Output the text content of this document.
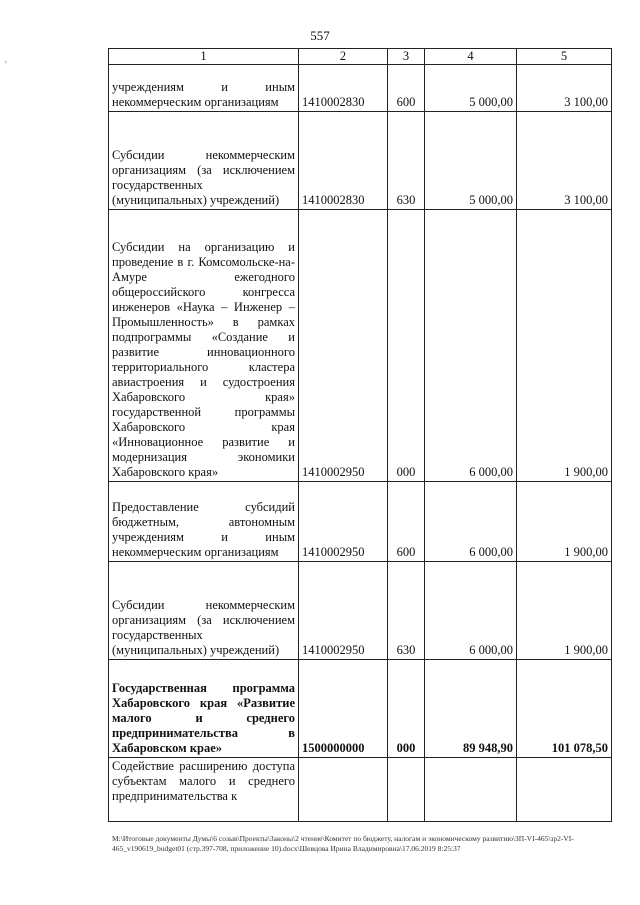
557
'
1	2	3	4	5
учреждениям и иным некоммерческим организациям	1410002830	600	5 000,00	3 100,00
Субсидии некоммерческим организациям (за исключением государственных (муниципальных) учреждений)	1410002830	630	5 000,00	3 100,00
Субсидии на организацию и проведение в г. Комсомольске-на-Амуре ежегодного общероссийского конгресса инженеров «Наука – Инженер – Промышленность» в рамках подпрограммы «Создание и развитие инновационного территориального кластера авиастроения и судостроения Хабаровского края» государственной программы Хабаровского края «Инновационное развитие и модернизация экономики Хабаровского края»	1410002950	000	6 000,00	1 900,00
Предоставление субсидий бюджетным, автономным учреждениям и иным некоммерческим организациям	1410002950	600	6 000,00	1 900,00
Субсидии некоммерческим организациям (за исключением государственных (муниципальных) учреждений)	1410002950	630	6 000,00	1 900,00
Государственная программа Хабаровского края «Развитие малого и среднего предпринимательства в Хабаровском крае»	1500000000	000	89 948,90	101 078,50
Содействие расширению доступа субъектам малого и среднего предпринимательства к				
М:\Итоговые документы Думы\6 созыв\Проекты\Законы\2 чтение\Комитет по бюджету, налогам и экономическому развитию\ЗП-VI-465\зр2-VI-465_v190619_budget01 (стр.397-708, приложение 10).docx\Шевцова Ирина Владимировна\17.06.2019 8:25:37
